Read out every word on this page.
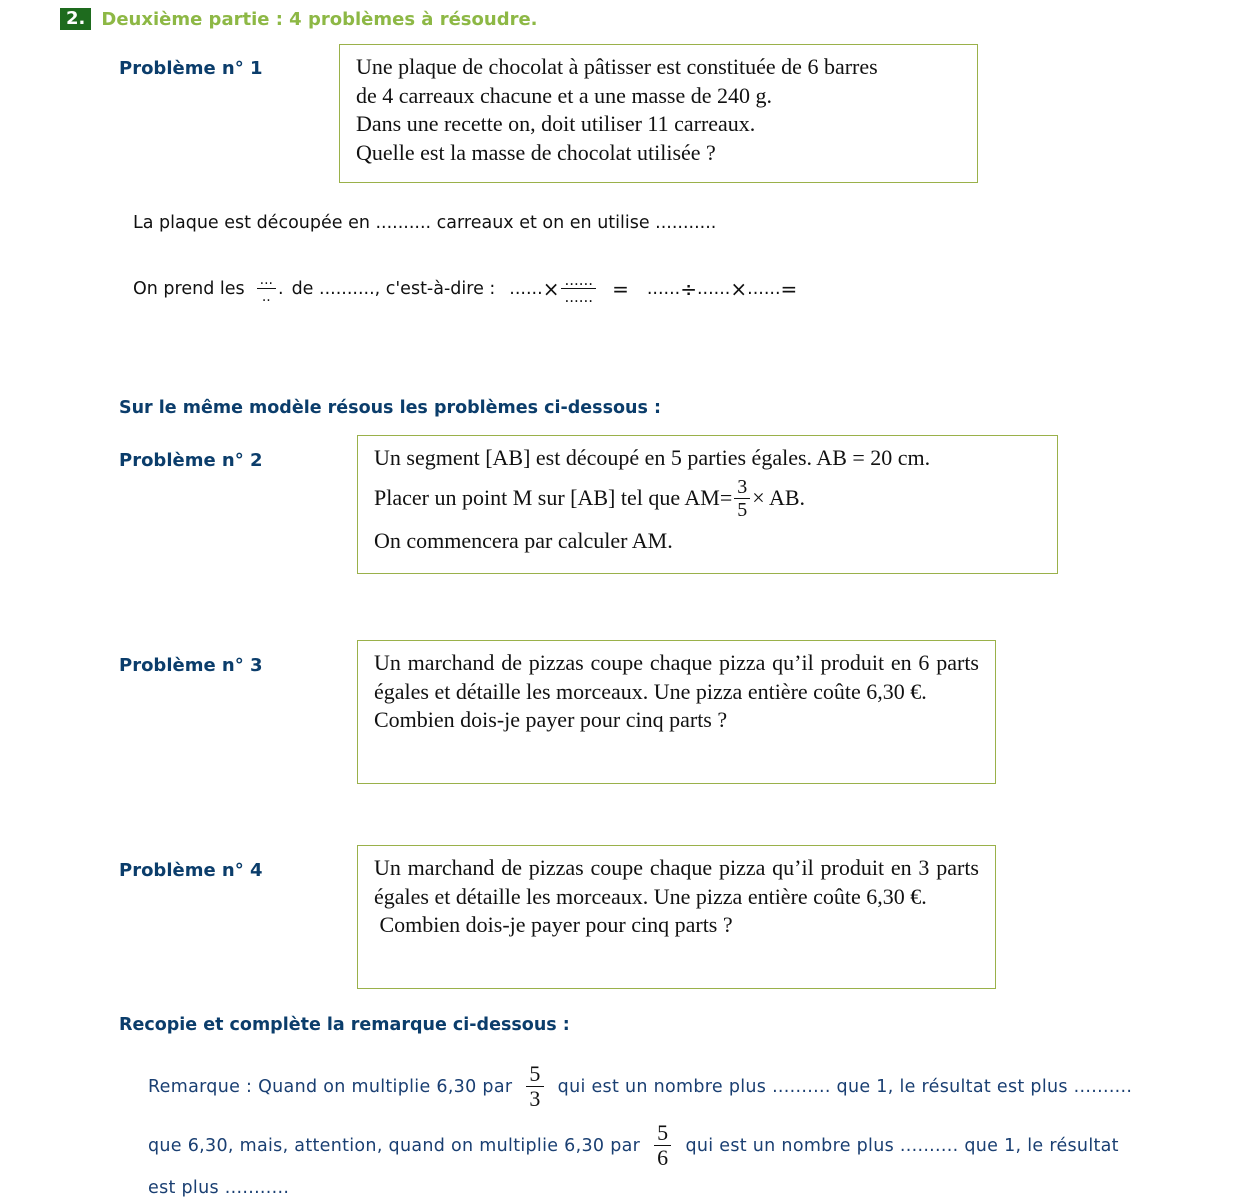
2. Deuxième partie : 4 problèmes à résoudre.
Problème n° 1	Une plaque de chocolat à pâtisser est constituée de 6 barres

de 4 carreaux chacune et a une masse de 240 g.

Dans une recette on, doit utiliser 11 carreaux.

Quelle est la masse de chocolat utilisée ?

La plaque est découpée en .......... carreaux et on en utilise ...........
On prend les $\frac{...}{..}$ . de .........., c'est-à-dire : ...... × $\frac{......}{......}$ = ...... ÷ ...... × ...... =
Sur le même modèle résous les problèmes ci-dessous :
Problème n° 2	Un segment [AB] est découpé en 5 parties égales. AB = 20 cm.

Placer un point M sur [AB] tel que $AM= \frac{3}{5}$ × AB.

On commencera par calculer AM.

Problème n° 3	Un marchand de pizzas coupe chaque pizza qu’il produit en 6 parts égales et détaille les morceaux. Une pizza entière coûte 6,30 €.

Combien dois-je payer pour cinq parts ?

Problème n° 4	Un marchand de pizzas coupe chaque pizza qu’il produit en 3 parts égales et détaille les morceaux. Une pizza entière coûte 6,30 €.

Combien dois-je payer pour cinq parts ?

Recopie et complète la remarque ci-dessous :
Remarque : Quand on multiplie 6,30 par $\frac{5}{3}$ qui est un nombre plus .......... que 1, le résultat est plus ..........
que 6,30, mais, attention, quand on multiplie 6,30 par $\frac{5}{6}$ qui est un nombre plus .......... que 1, le résultat
est plus ...........
